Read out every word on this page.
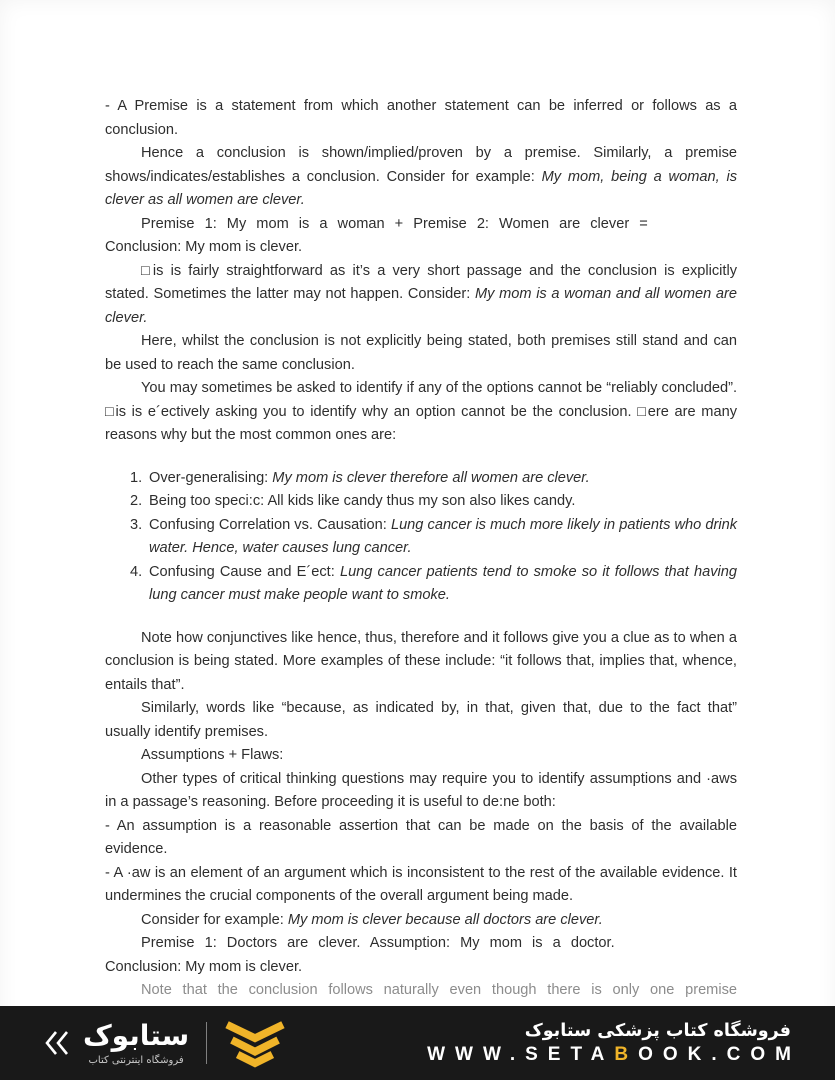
- A Premise is a statement from which another statement can be inferred or follows as a conclusion.

Hence a conclusion is shown/implied/proven by a premise. Similarly, a premise shows/indicates/establishes a conclusion. Consider for example: My mom, being a woman, is clever as all women are clever.

Premise 1: My mom is a woman + Premise 2: Women are clever =

Conclusion: My mom is clever.

□is is fairly straightforward as it’s a very short passage and the conclusion is explicitly stated. Sometimes the latter may not happen. Consider: My mom is a woman and all women are clever.

Here, whilst the conclusion is not explicitly being stated, both premises still stand and can be used to reach the same conclusion.

You may sometimes be asked to identify if any of the options cannot be “reliably concluded”. □is is e´ectively asking you to identify why an option cannot be the conclusion. □ere are many reasons why but the most common ones are:

1. Over-generalising: My mom is clever therefore all women are clever.
2. Being too speci:c: All kids like candy thus my son also likes candy.
3. Confusing Correlation vs. Causation: Lung cancer is much more likely in patients who drink water. Hence, water causes lung cancer.
4. Confusing Cause and E´ect: Lung cancer patients tend to smoke so it follows that having lung cancer must make people want to smoke.

Note how conjunctives like hence, thus, therefore and it follows give you a clue as to when a conclusion is being stated. More examples of these include: “it follows that, implies that, whence, entails that”.

Similarly, words like “because, as indicated by, in that, given that, due to the fact that” usually identify premises.

Assumptions + Flaws:

Other types of critical thinking questions may require you to identify assumptions and ·aws in a passage’s reasoning. Before proceeding it is useful to de:ne both:

- An assumption is a reasonable assertion that can be made on the basis of the available evidence.

- A ·aw is an element of an argument which is inconsistent to the rest of the available evidence. It undermines the crucial components of the overall argument being made.

Consider for example: My mom is clever because all doctors are clever.

Premise 1: Doctors are clever. Assumption: My mom is a doctor.

Conclusion: My mom is clever.

Note that the conclusion follows naturally even though there is only one premise

ستابوک
فروشگاه اینترنتی کتاب
فروشگاه کتاب پزشکی ستابوک
WWW.SETABOOK.COM
